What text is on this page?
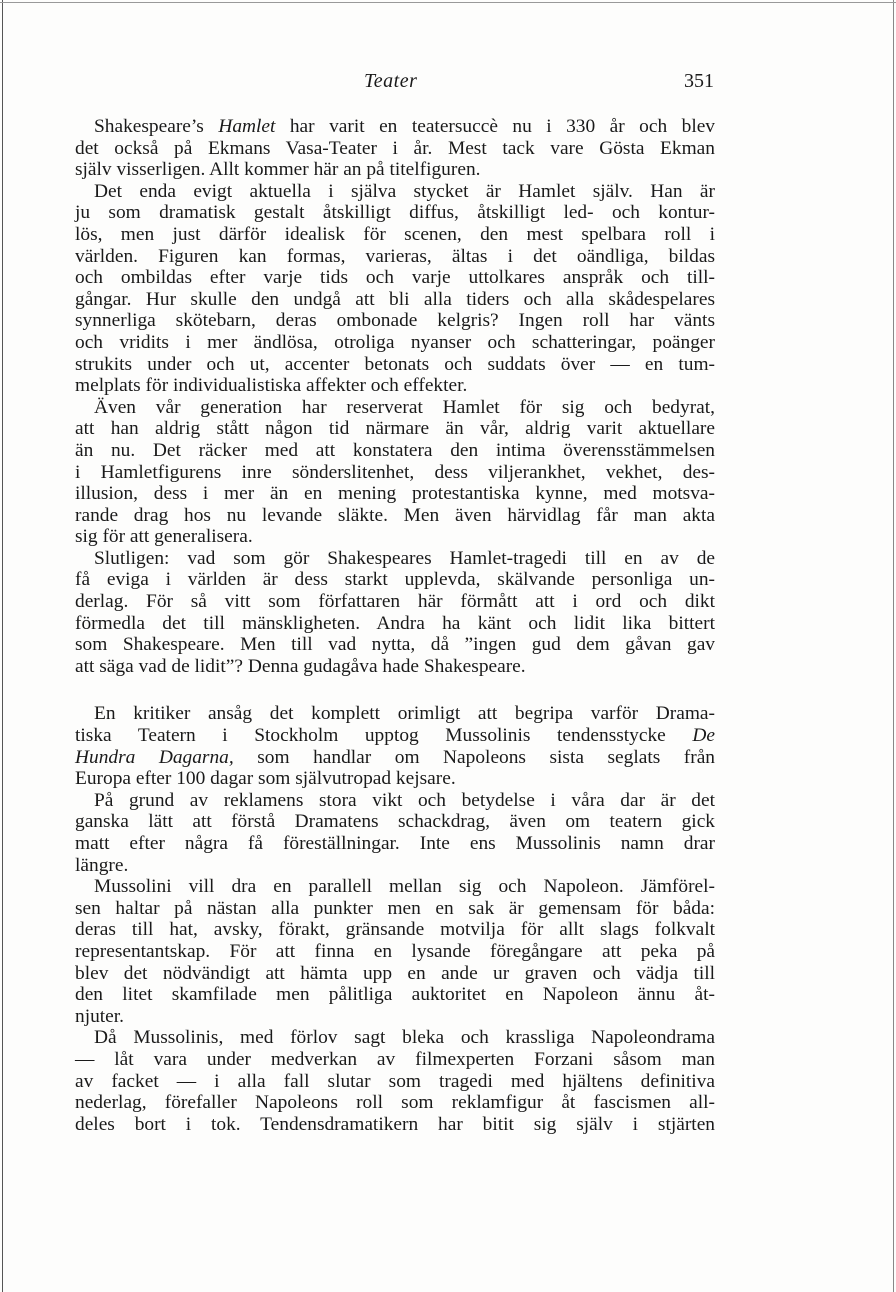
Teater	351

Shakespeare’s Hamlet har varit en teatersuccè nu i 330 år och blev
det också på Ekmans Vasa-Teater i år. Mest tack vare Gösta Ekman
själv visserligen. Allt kommer här an på titelfiguren.

Det enda evigt aktuella i själva stycket är Hamlet själv. Han är
ju som dramatisk gestalt åtskilligt diffus, åtskilligt led- och kontur-
lös, men just därför idealisk för scenen, den mest spelbara roll i
världen. Figuren kan formas, varieras, ältas i det oändliga, bildas
och ombildas efter varje tids och varje uttolkares anspråk och till-
gångar. Hur skulle den undgå att bli alla tiders och alla skådespelares
synnerliga skötebarn, deras ombonade kelgris? Ingen roll har vänts
och vridits i mer ändlösa, otroliga nyanser och schatteringar, poänger
strukits under och ut, accenter betonats och suddats över — en tum-
melplats för individualistiska affekter och effekter.

Även vår generation har reserverat Hamlet för sig och bedyrat,
att han aldrig stått någon tid närmare än vår, aldrig varit aktuellare
än nu. Det räcker med att konstatera den intima överensstämmelsen
i Hamletfigurens inre sönderslitenhet, dess viljerankhet, vekhet, des-
illusion, dess i mer än en mening protestantiska kynne, med motsva-
rande drag hos nu levande släkte. Men även härvidlag får man akta
sig för att generalisera.

Slutligen: vad som gör Shakespeares Hamlet-tragedi till en av de
få eviga i världen är dess starkt upplevda, skälvande personliga un-
derlag. För så vitt som författaren här förmått att i ord och dikt
förmedla det till mänskligheten. Andra ha känt och lidit lika bittert
som Shakespeare. Men till vad nytta, då ”ingen gud dem gåvan gav
att säga vad de lidit”? Denna gudagåva hade Shakespeare.

En kritiker ansåg det komplett orimligt att begripa varför Drama-
tiska Teatern i Stockholm upptog Mussolinis tendensstycke De
Hundra Dagarna, som handlar om Napoleons sista seglats från
Europa efter 100 dagar som självutropad kejsare.

På grund av reklamens stora vikt och betydelse i våra dar är det
ganska lätt att förstå Dramatens schackdrag, även om teatern gick
matt efter några få föreställningar. Inte ens Mussolinis namn drar
längre.

Mussolini vill dra en parallell mellan sig och Napoleon. Jämförel-
sen haltar på nästan alla punkter men en sak är gemensam för båda:
deras till hat, avsky, förakt, gränsande motvilja för allt slags folkvalt
representantskap. För att finna en lysande föregångare att peka på
blev det nödvändigt att hämta upp en ande ur graven och vädja till
den litet skamfilade men pålitliga auktoritet en Napoleon ännu åt-
njuter.

Då Mussolinis, med förlov sagt bleka och krassliga Napoleondrama
— låt vara under medverkan av filmexperten Forzani såsom man
av facket — i alla fall slutar som tragedi med hjältens definitiva
nederlag, förefaller Napoleons roll som reklamfigur åt fascismen all-
deles bort i tok. Tendensdramatikern har bitit sig själv i stjärten
